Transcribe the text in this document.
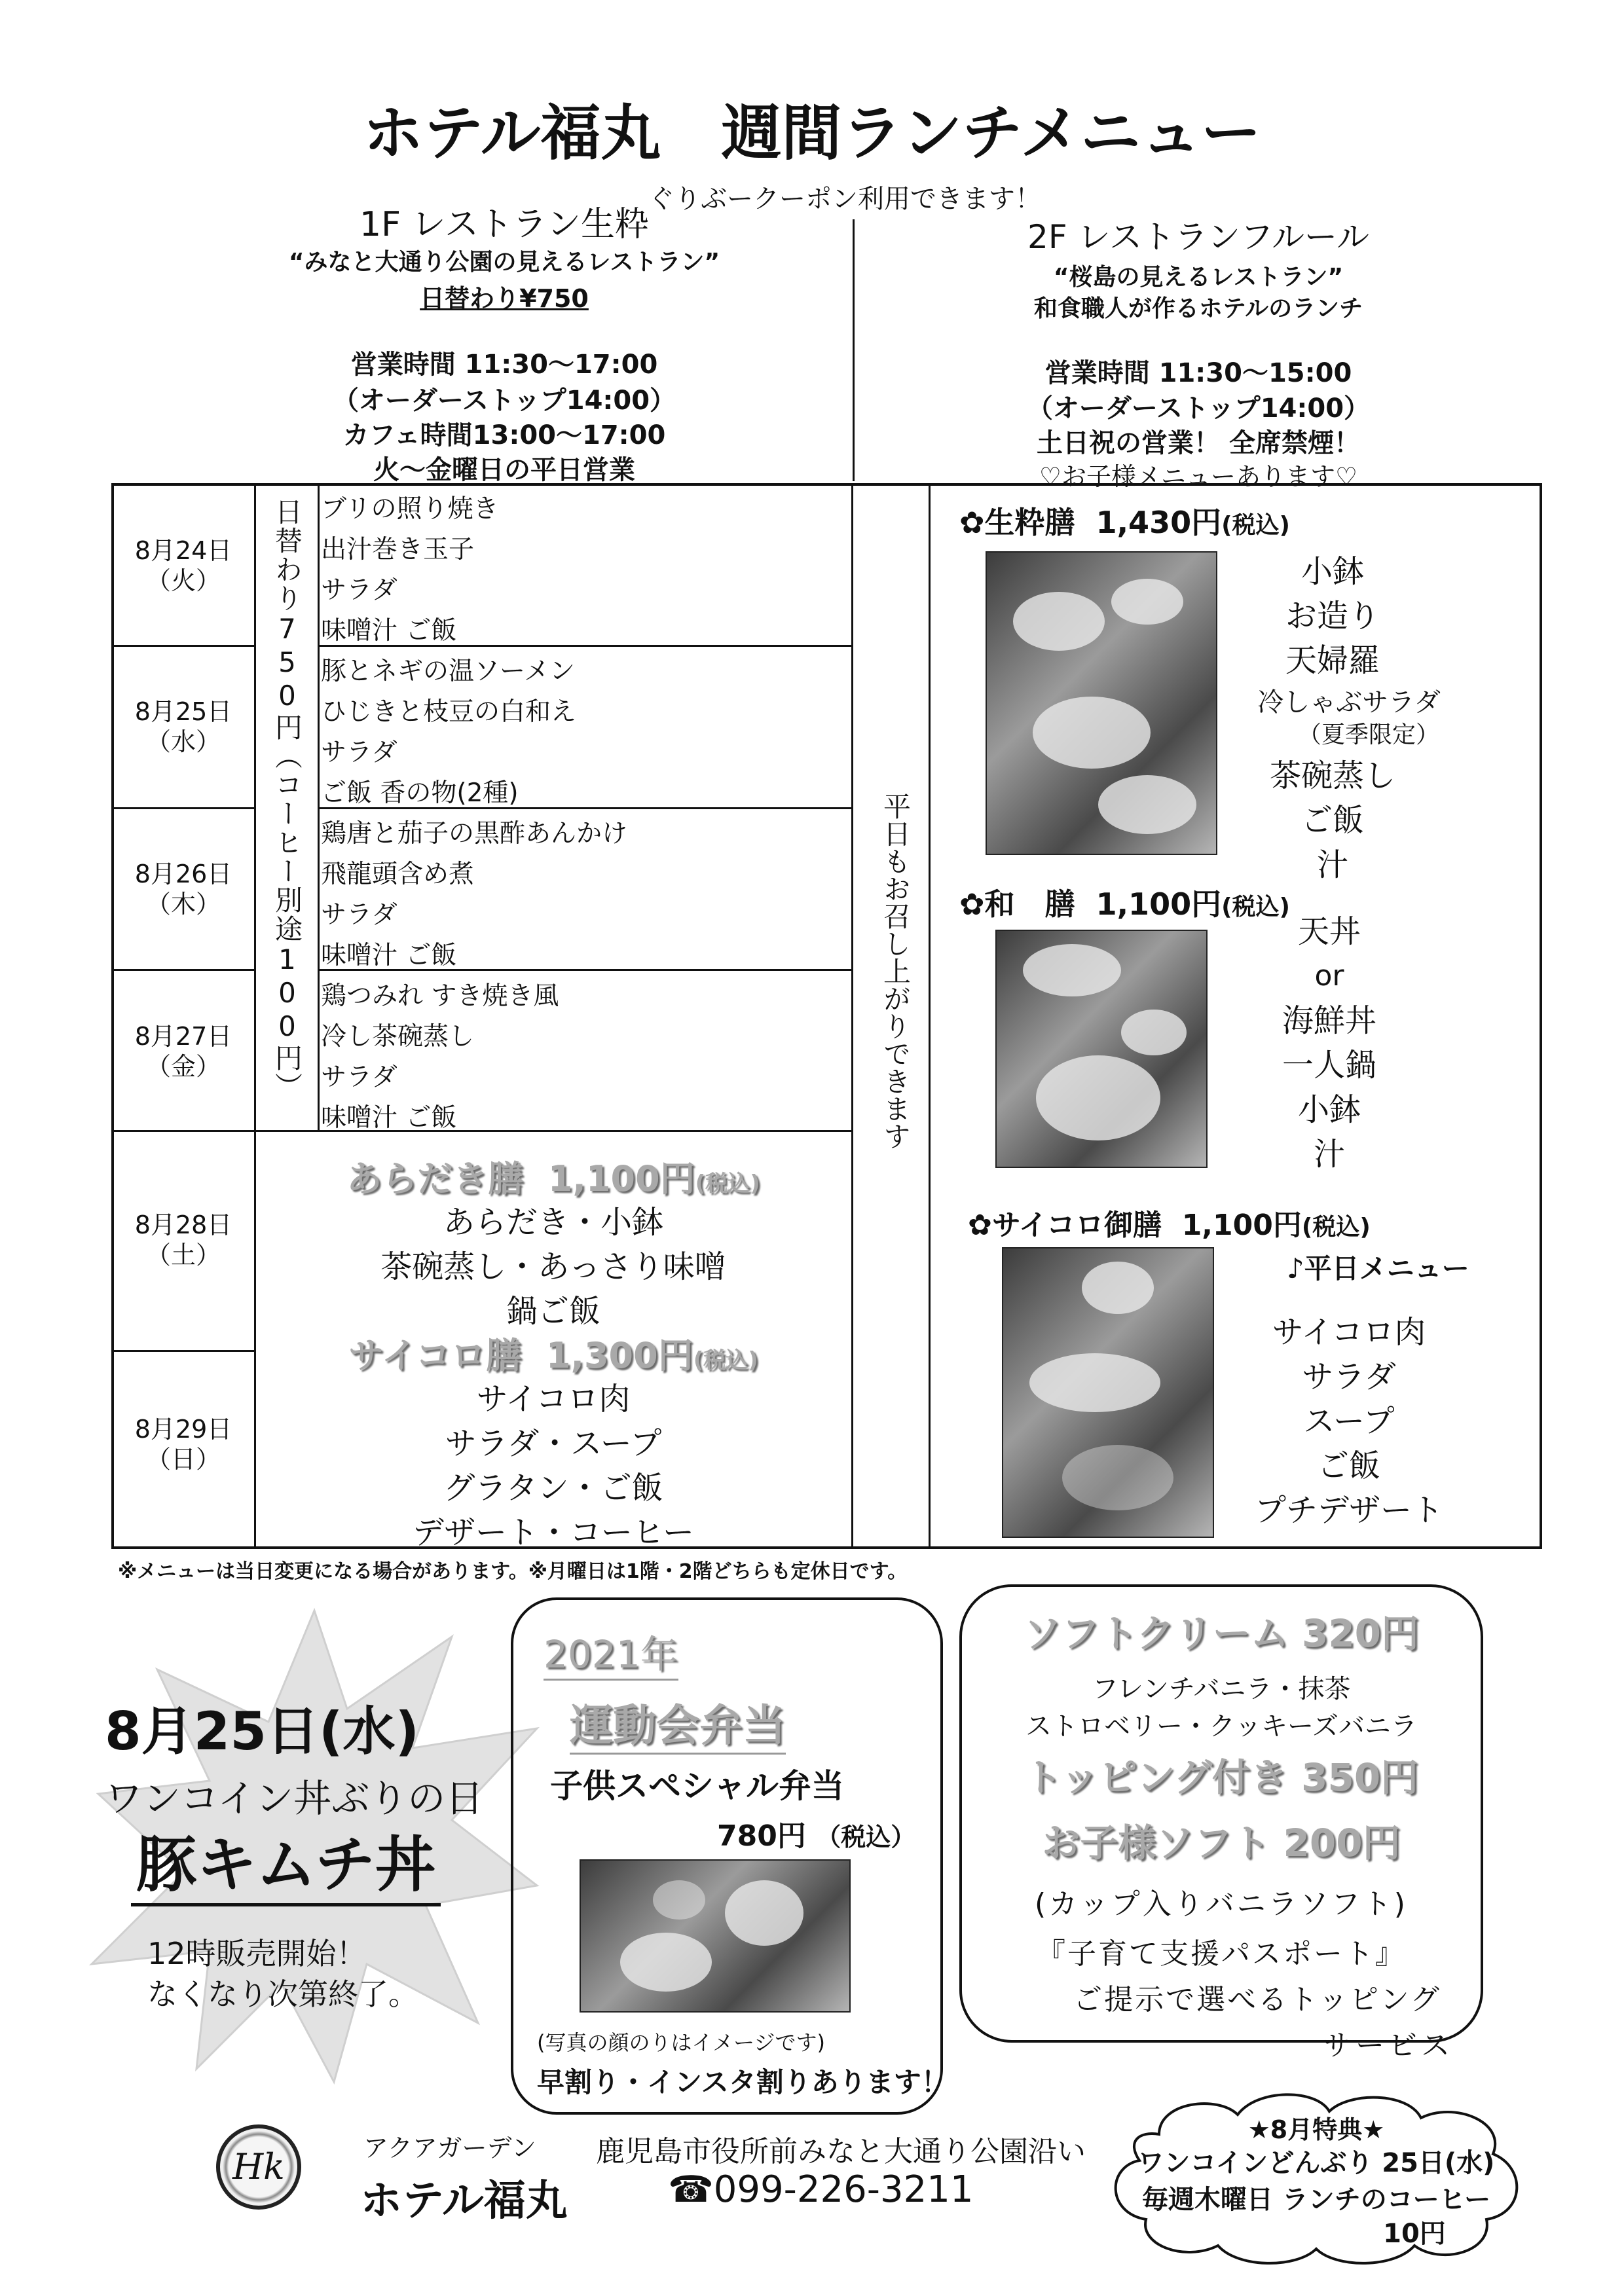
ホテル福丸　週間ランチメニュー
ぐりぶークーポン利用できます！
1F レストラン生粋
“みなと大通り公園の見えるレストラン”
日替わり¥750
営業時間 11:30～17:00
（オーダーストップ14:00）
カフェ時間13:00～17:00
火～金曜日の平日営業
2F レストランフルール
“桜島の見えるレストラン”
和食職人が作るホテルのランチ
営業時間 11:30～15:00
（オーダーストップ14:00）
土日祝の営業！ 全席禁煙！
♡お子様メニューあります♡
8月24日
（火）
8月25日
（水）
8月26日
（木）
8月27日
（金）
8月28日
（土）
8月29日
（日）
日替わり750円（コーヒー別途100円） ブリの照り焼き
出汁巻き玉子
サラダ
味噌汁 ご飯
豚とネギの温ソーメン
ひじきと枝豆の白和え
サラダ
ご飯 香の物(2種)
鶏唐と茄子の黒酢あんかけ
飛龍頭含め煮
サラダ
味噌汁 ご飯
鶏つみれ すき焼き風
冷し茶碗蒸し
サラダ
味噌汁 ご飯
あらだき膳 1,100円(税込)
あらだき・小鉢
茶碗蒸し・あっさり味噌
鍋ご飯
サイコロ膳 1,300円(税込)
サイコロ肉
サラダ・スープ
グラタン・ご飯
デザート・コーヒー
平日もお召し上がりできます
✿生粋膳 1,430円(税込)
小鉢
お造り
天婦羅
冷しゃぶサラダ
（夏季限定）
茶碗蒸し
ご飯
汁
✿和　膳 1,100円(税込)
天丼
or
海鮮丼
一人鍋
小鉢
汁
✿サイコロ御膳 1,100円(税込)
♪平日メニュー
サイコロ肉
サラダ
スープ
ご飯
プチデザート
※メニューは当日変更になる場合があります。※月曜日は1階・2階どちらも定休日です。
8月25日(水)
ワンコイン丼ぶりの日
豚キムチ丼
12時販売開始！
なくなり次第終了。
2021年
運動会弁当
子供スペシャル弁当
780円 （税込）
(写真の顔のりはイメージです)
早割り・インスタ割りあります！
ソフトクリーム 320円
フレンチバニラ・抹茶
ストロベリー・クッキーズバニラ
トッピング付き 350円
お子様ソフト 200円
(カップ入りバニラソフト)
『子育て支援パスポート』
ご提示で選べるトッピング
サービス
Hk	アクアガーデン
ホテル福丸
鹿児島市役所前みなと大通り公園沿い
☎099-226-3211
★8月特典★
ワンコインどんぶり 25日(水)
毎週木曜日 ランチのコーヒー
10円
